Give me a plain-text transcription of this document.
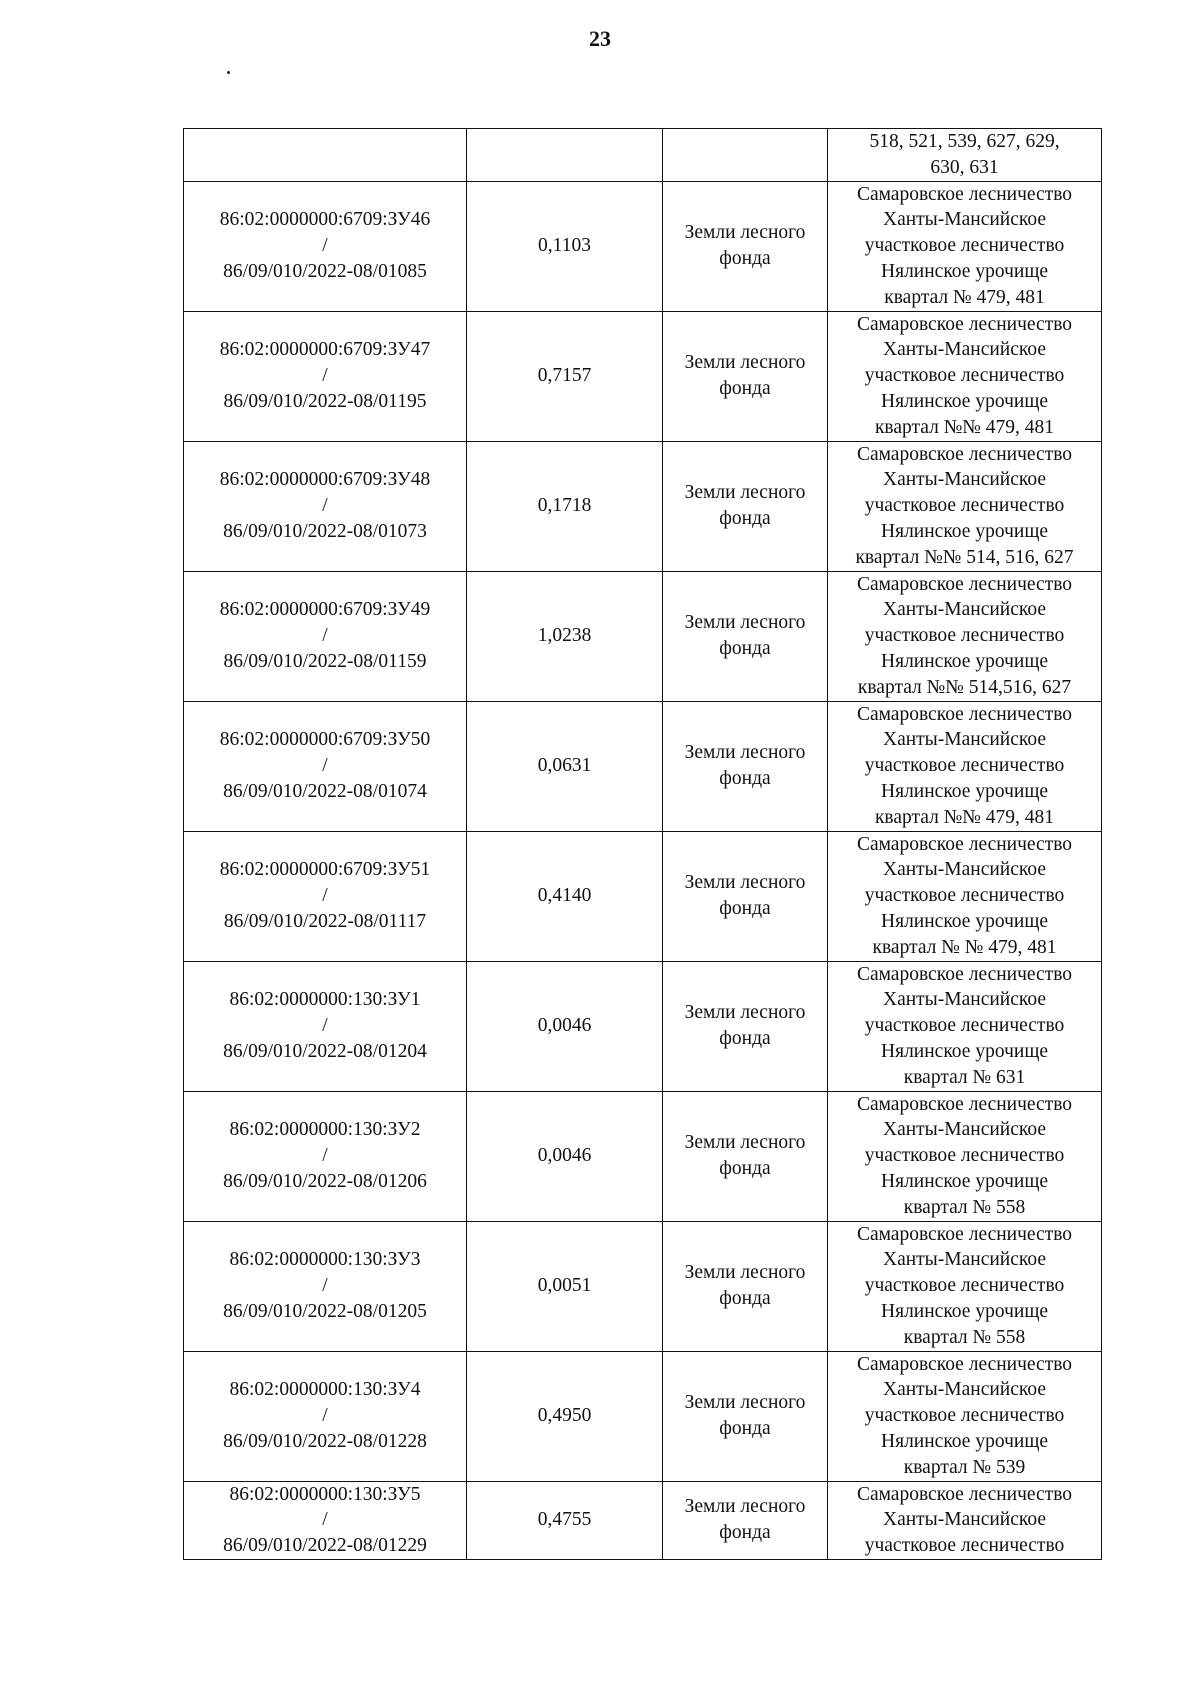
23

			518, 521, 539, 627, 629,
630, 631

86:02:0000000:6709:ЗУ46
/
86/09/010/2022-08/01085	0,1103	Земли лесного
фонда	Самаровское лесничество
Ханты-Мансийское
участковое лесничество
Нялинское урочище
квартал № 479, 481

86:02:0000000:6709:ЗУ47
/
86/09/010/2022-08/01195	0,7157	Земли лесного
фонда	Самаровское лесничество
Ханты-Мансийское
участковое лесничество
Нялинское урочище
квартал №№ 479, 481

86:02:0000000:6709:ЗУ48
/
86/09/010/2022-08/01073	0,1718	Земли лесного
фонда	Самаровское лесничество
Ханты-Мансийское
участковое лесничество
Нялинское урочище
квартал №№ 514, 516, 627

86:02:0000000:6709:ЗУ49
/
86/09/010/2022-08/01159	1,0238	Земли лесного
фонда	Самаровское лесничество
Ханты-Мансийское
участковое лесничество
Нялинское урочище
квартал №№ 514,516, 627

86:02:0000000:6709:ЗУ50
/
86/09/010/2022-08/01074	0,0631	Земли лесного
фонда	Самаровское лесничество
Ханты-Мансийское
участковое лесничество
Нялинское урочище
квартал №№ 479, 481

86:02:0000000:6709:ЗУ51
/
86/09/010/2022-08/01117	0,4140	Земли лесного
фонда	Самаровское лесничество
Ханты-Мансийское
участковое лесничество
Нялинское урочище
квартал № № 479, 481

86:02:0000000:130:ЗУ1
/
86/09/010/2022-08/01204	0,0046	Земли лесного
фонда	Самаровское лесничество
Ханты-Мансийское
участковое лесничество
Нялинское урочище
квартал № 631

86:02:0000000:130:ЗУ2
/
86/09/010/2022-08/01206	0,0046	Земли лесного
фонда	Самаровское лесничество
Ханты-Мансийское
участковое лесничество
Нялинское урочище
квартал № 558

86:02:0000000:130:ЗУ3
/
86/09/010/2022-08/01205	0,0051	Земли лесного
фонда	Самаровское лесничество
Ханты-Мансийское
участковое лесничество
Нялинское урочище
квартал № 558

86:02:0000000:130:ЗУ4
/
86/09/010/2022-08/01228	0,4950	Земли лесного
фонда	Самаровское лесничество
Ханты-Мансийское
участковое лесничество
Нялинское урочище
квартал № 539

86:02:0000000:130:ЗУ5
/
86/09/010/2022-08/01229	0,4755	Земли лесного
фонда	Самаровское лесничество
Ханты-Мансийское
участковое лесничество
